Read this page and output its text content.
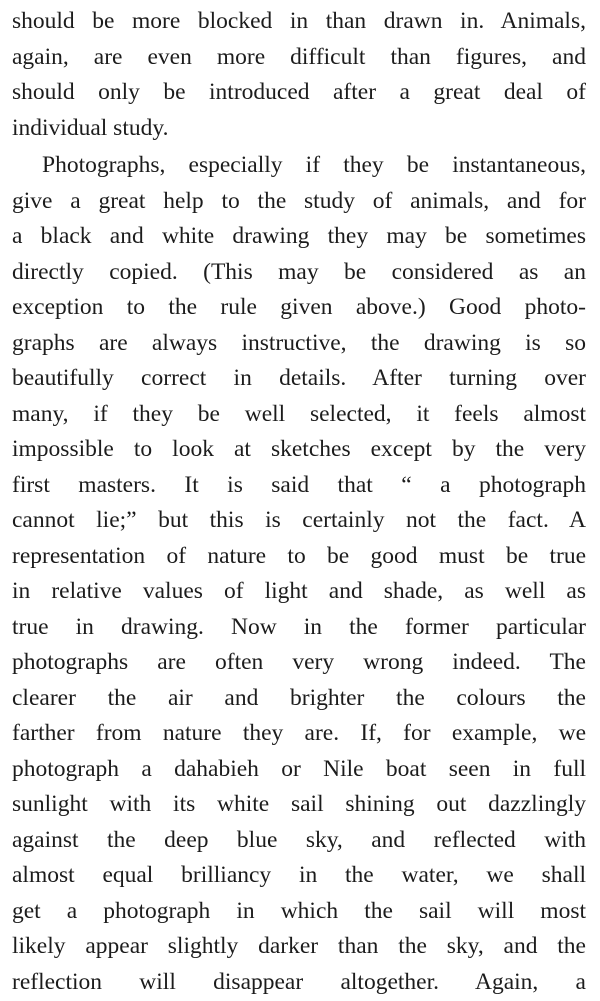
should be more blocked in than drawn in. Animals,
again, are even more difficult than figures, and
should only be introduced after a great deal of
individual study.
Photographs, especially if they be instantaneous,
give a great help to the study of animals, and for
a black and white drawing they may be sometimes
directly copied. (This may be considered as an
exception to the rule given above.) Good photo-
graphs are always instructive, the drawing is so
beautifully correct in details. After turning over
many, if they be well selected, it feels almost
impossible to look at sketches except by the very
first masters. It is said that “ a photograph
cannot lie;” but this is certainly not the fact. A
representation of nature to be good must be true
in relative values of light and shade, as well as
true in drawing. Now in the former particular
photographs are often very wrong indeed. The
clearer the air and brighter the colours the
farther from nature they are. If, for example, we
photograph a dahabieh or Nile boat seen in full
sunlight with its white sail shining out dazzlingly
against the deep blue sky, and reflected with
almost equal brilliancy in the water, we shall
get a photograph in which the sail will most
likely appear slightly darker than the sky, and the
reflection will disappear altogether. Again, a
